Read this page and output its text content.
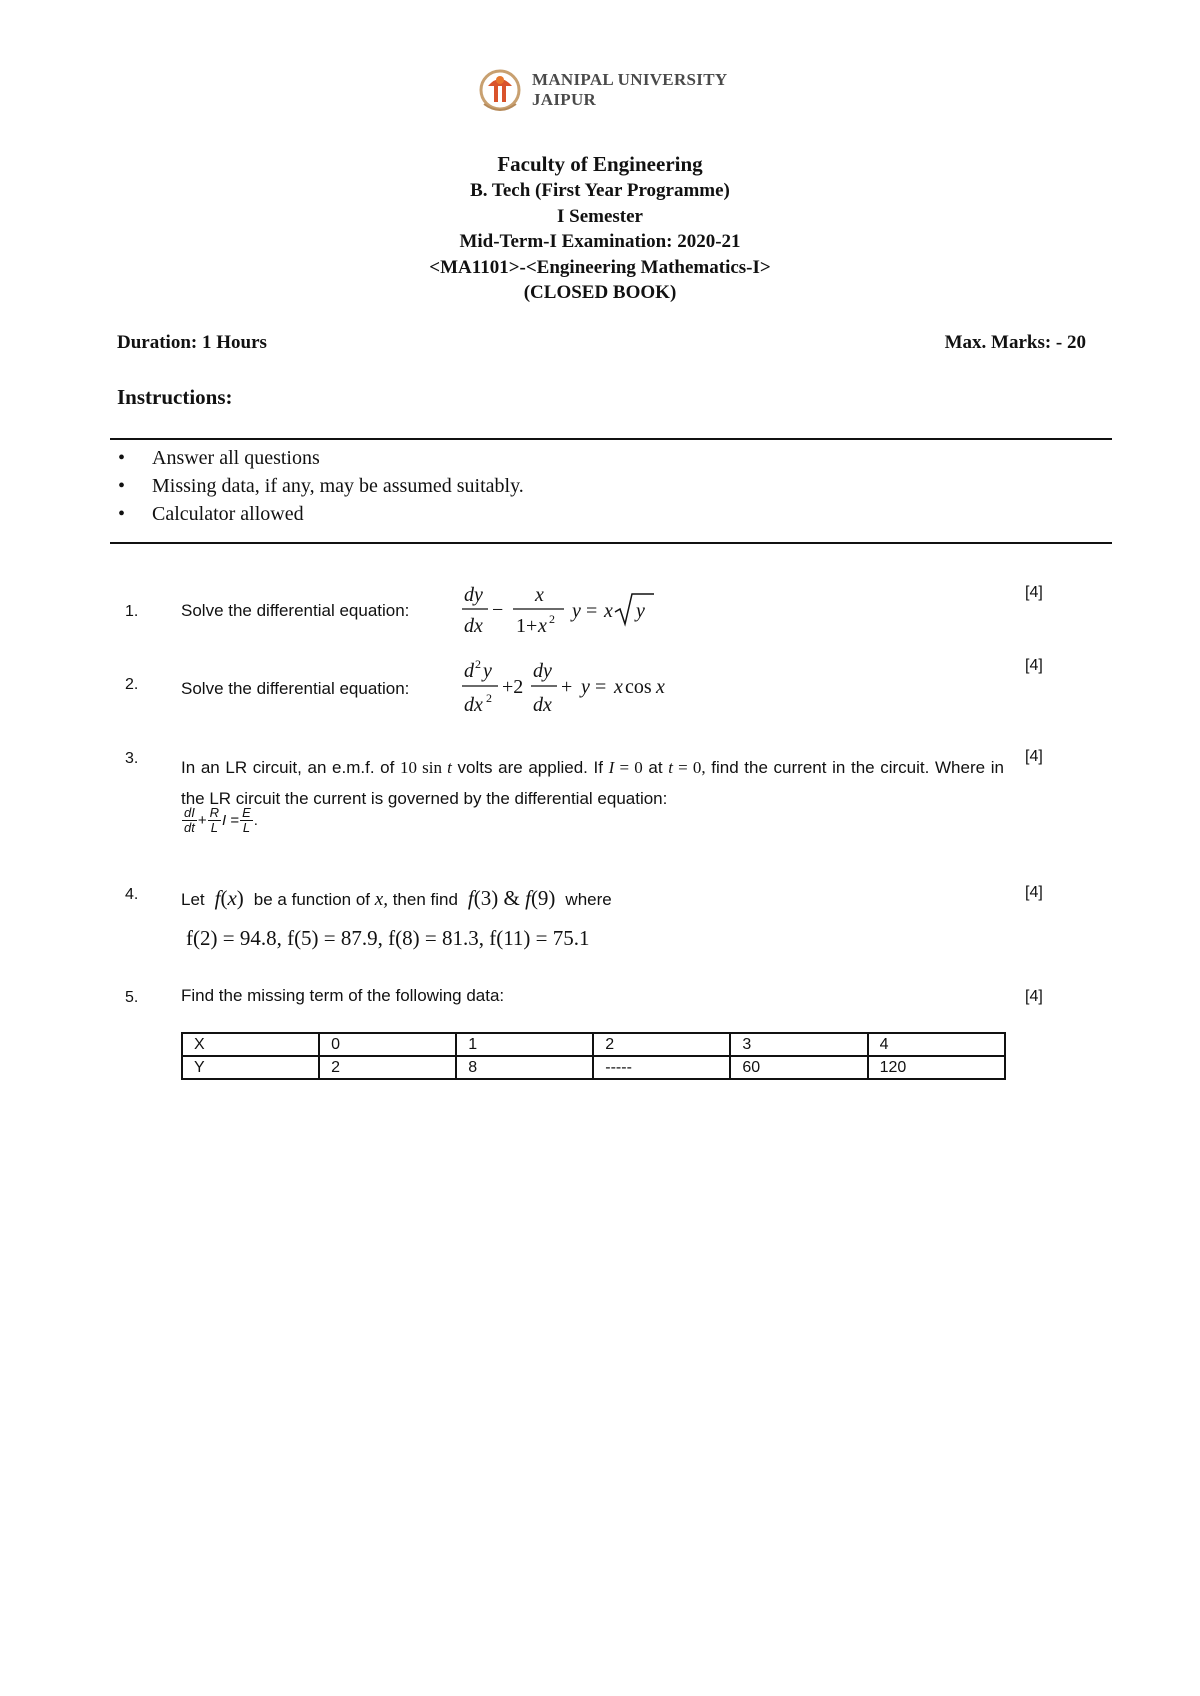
MANIPAL UNIVERSITY
JAIPUR
Faculty of Engineering
B. Tech (First Year Programme)
I Semester
Mid-Term-I Examination: 2020-21
<MA1101>-<Engineering Mathematics-I>
(CLOSED BOOK)
Duration: 1 Hours	Max. Marks: - 20
Instructions:
• Answer all questions
• Missing data, if any, may be assumed suitably.
• Calculator allowed
1.	Solve the differential equation:
[4]
dy
dx
−
x
1+ x 2 y = x y
2.	Solve the differential equation:
[4]
d 2 y
dx 2 +2
dy
dx
+ y = x cos x
3.	[4]
In an LR circuit, an e.m.f. of 10 sin t volts are applied. If I = 0 at t = 0, find the current in the circuit. Where in the LR circuit the current is governed by the differential equation:
$\frac{dI}{dt} + \frac{R}{L}$ $I = \frac{E}{L}$ .
4.	[4]
Let  f(x) be a function of x, then find  f(3) & f(9) where
f(2) = 94.8, f(5) = 87.9, f(8) = 81.3, f(11) = 75.1
5.	Find the missing term of the following data:	[4]
X	0	1	2	3	4
Y	2	8	-----	60	120
